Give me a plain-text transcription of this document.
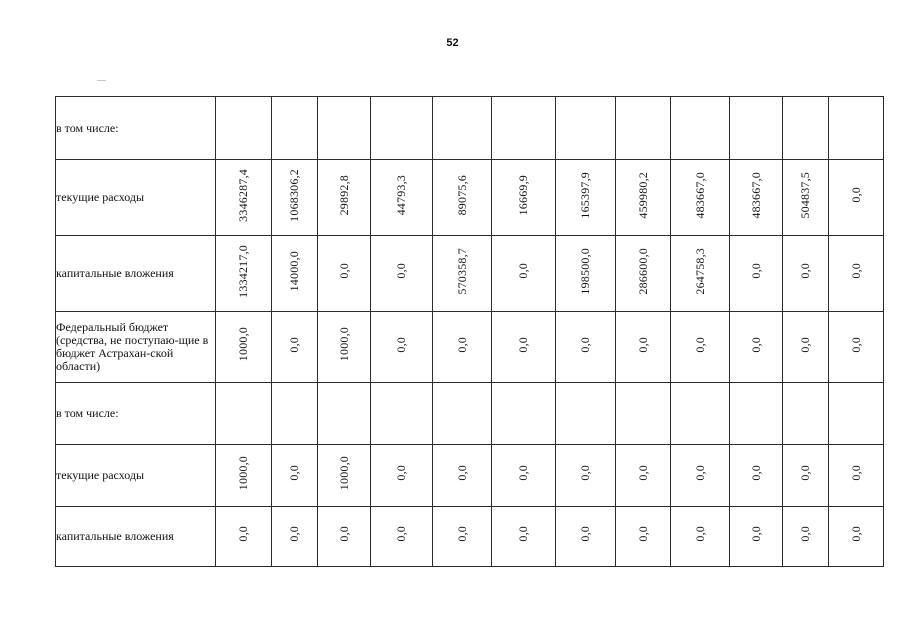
52
в том числе:												
текущие расходы	3346287,4	1068306,2	29892,8	44793,3	89075,6	16669,9	165397,9	459980,2	483667,0	483667,0	504837,5	0,0
капитальные вложения	1334217,0	14000,0	0,0	0,0	570358,7	0,0	198500,0	286600,0	264758,3	0,0	0,0	0,0
Федеральный бюджет (средства, не поступаю-щие в бюджет Астрахан-ской области)	1000,0	0,0	1000,0	0,0	0,0	0,0	0,0	0,0	0,0	0,0	0,0	0,0
в том числе:												
текущие расходы	1000,0	0,0	1000,0	0,0	0,0	0,0	0,0	0,0	0,0	0,0	0,0	0,0
капитальные вложения	0,0	0,0	0,0	0,0	0,0	0,0	0,0	0,0	0,0	0,0	0,0	0,0
